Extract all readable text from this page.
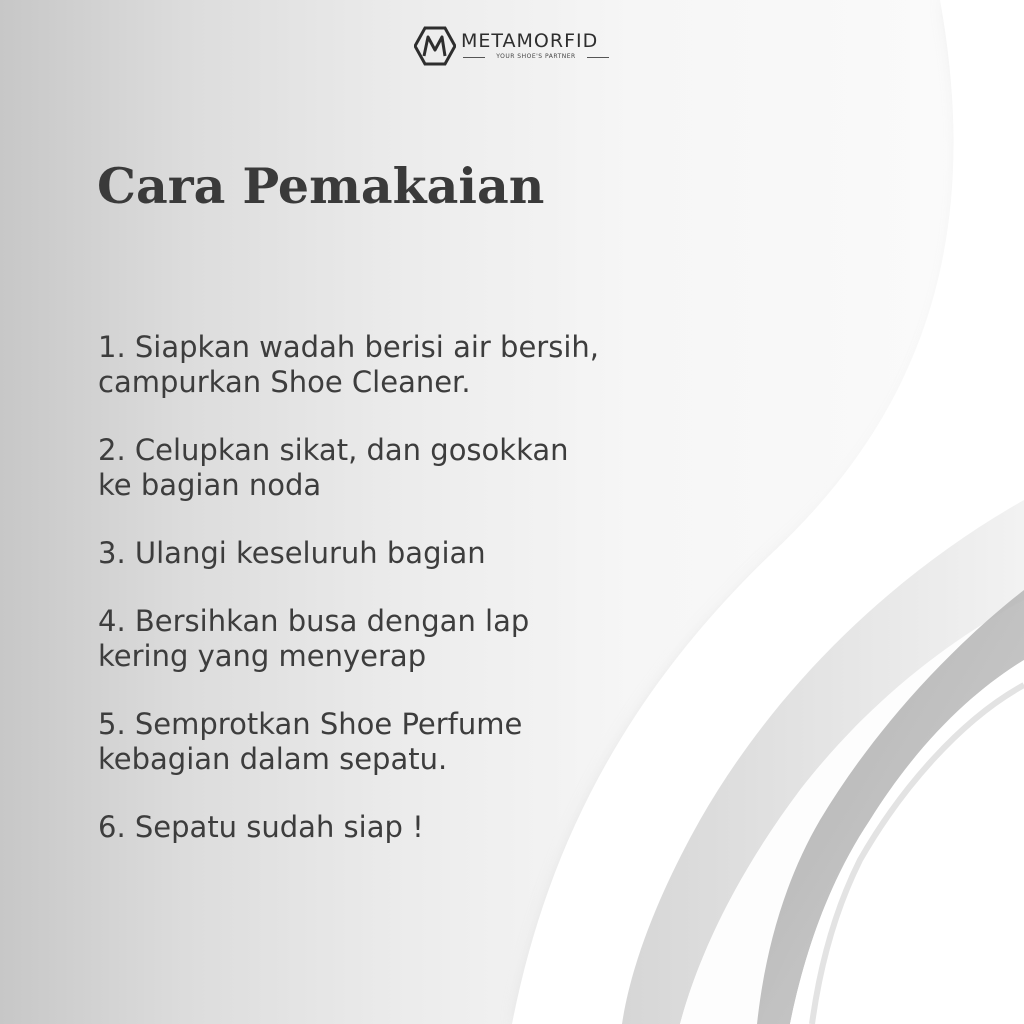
METAMORFID
YOUR SHOE'S PARTNER
Cara Pemakaian
1. Siapkan wadah berisi air bersih,
campurkan Shoe Cleaner.
2. Celupkan sikat, dan gosokkan
ke bagian noda
3. Ulangi keseluruh bagian
4. Bersihkan busa dengan lap
kering yang menyerap
5. Semprotkan Shoe Perfume
kebagian dalam sepatu.
6. Sepatu sudah siap !
